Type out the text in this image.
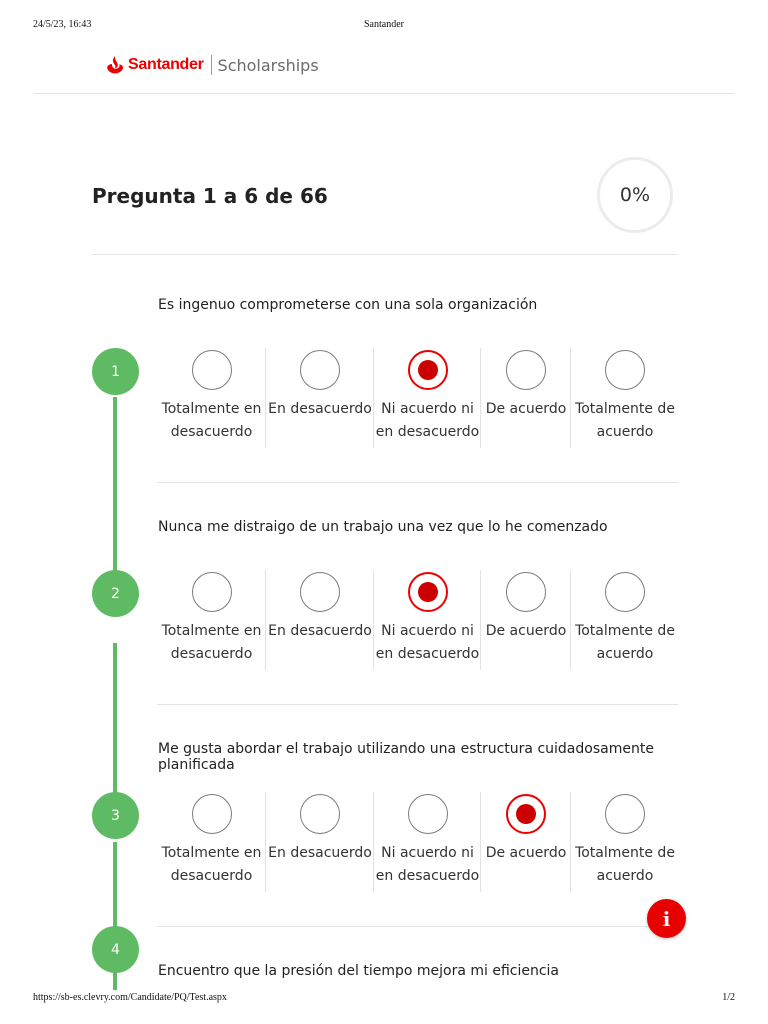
24/5/23, 16:43	Santander
Santander Scholarships
Pregunta 1 a 6 de 66	0%
1
2
3
4
Es ingenuo comprometerse con una sola organización
Totalmente en
desacuerdo
En desacuerdo Ni acuerdo ni
en desacuerdo
De acuerdo Totalmente de
acuerdo
Nunca me distraigo de un trabajo una vez que lo he comenzado
Totalmente en
desacuerdo
En desacuerdo Ni acuerdo ni
en desacuerdo
De acuerdo Totalmente de
acuerdo
Me gusta abordar el trabajo utilizando una estructura cuidadosamente planificada
Totalmente en
desacuerdo
En desacuerdo Ni acuerdo ni
en desacuerdo
De acuerdo Totalmente de
acuerdo
Encuentro que la presión del tiempo mejora mi eficiencia
i
https://sb-es.clevry.com/Candidate/PQ/Test.aspx	1/2
